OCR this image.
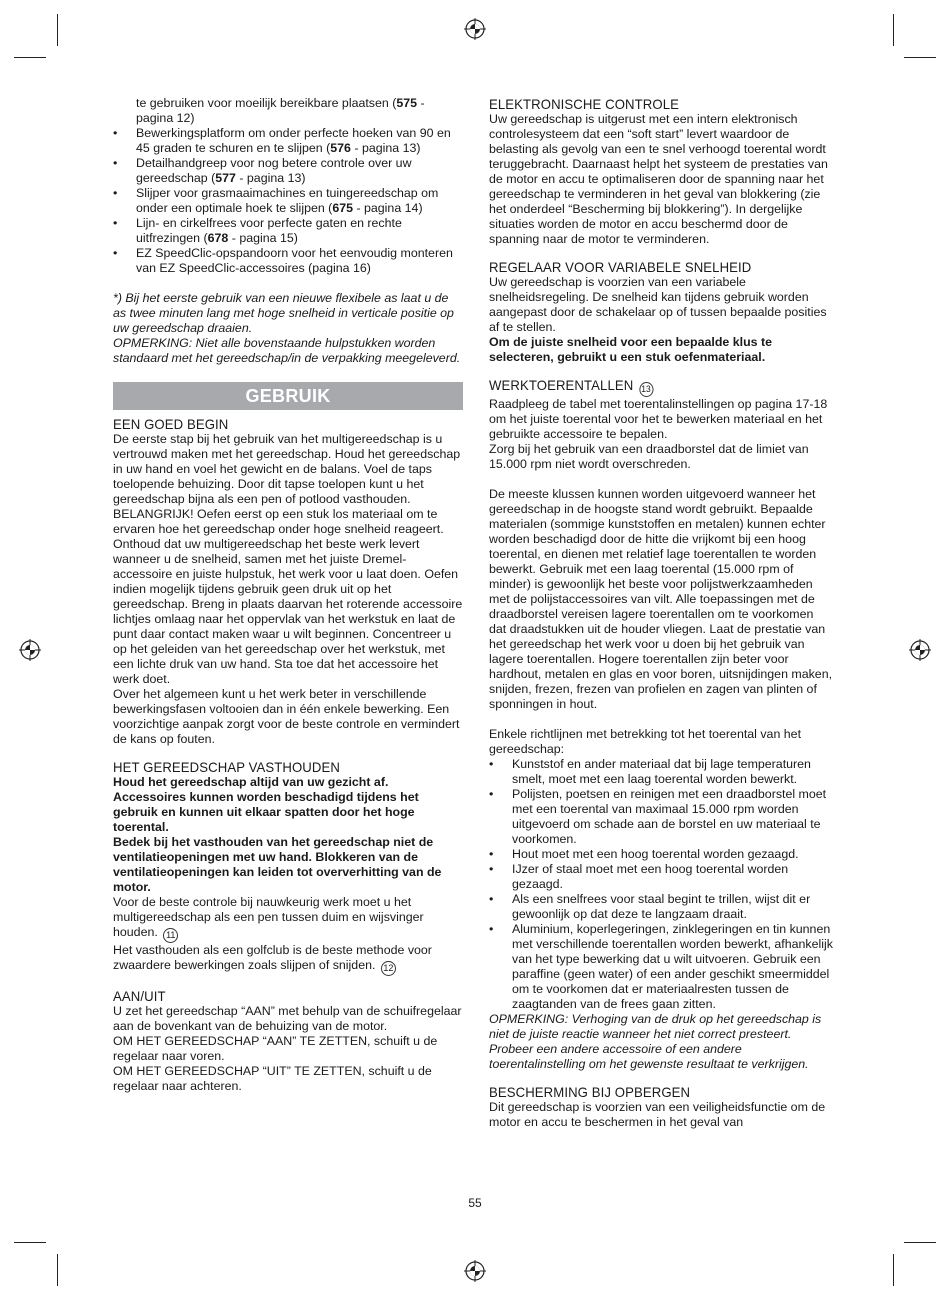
te gebruiken voor moeilijk bereikbare plaatsen (575 - pagina 12)
• Bewerkingsplatform om onder perfecte hoeken van 90 en 45 graden te schuren en te slijpen (576 - pagina 13)
• Detailhandgreep voor nog betere controle over uw gereedschap (577 - pagina 13)
• Slijper voor grasmaaimachines en tuingereedschap om onder een optimale hoek te slijpen (675 - pagina 14)
• Lijn- en cirkelfrees voor perfecte gaten en rechte uitfrezingen (678 - pagina 15)
• EZ SpeedClic-opspandoorn voor het eenvoudig monteren van EZ SpeedClic-accessoires (pagina 16)
*) Bij het eerste gebruik van een nieuwe flexibele as laat u de as twee minuten lang met hoge snelheid in verticale positie op uw gereedschap draaien.
OPMERKING: Niet alle bovenstaande hulpstukken worden standaard met het gereedschap/in de verpakking meegeleverd.
GEBRUIK
EEN GOED BEGIN
De eerste stap bij het gebruik van het multigereedschap is u vertrouwd maken met het gereedschap. Houd het gereedschap in uw hand en voel het gewicht en de balans. Voel de taps toelopende behuizing. Door dit tapse toelopen kunt u het gereedschap bijna als een pen of potlood vasthouden.
BELANGRIJK! Oefen eerst op een stuk los materiaal om te ervaren hoe het gereedschap onder hoge snelheid reageert. Onthoud dat uw multigereedschap het beste werk levert wanneer u de snelheid, samen met het juiste Dremel-accessoire en juiste hulpstuk, het werk voor u laat doen. Oefen indien mogelijk tijdens gebruik geen druk uit op het gereedschap. Breng in plaats daarvan het roterende accessoire lichtjes omlaag naar het oppervlak van het werkstuk en laat de punt daar contact maken waar u wilt beginnen. Concentreer u op het geleiden van het gereedschap over het werkstuk, met een lichte druk van uw hand. Sta toe dat het accessoire het werk doet.
Over het algemeen kunt u het werk beter in verschillende bewerkingsfasen voltooien dan in één enkele bewerking. Een voorzichtige aanpak zorgt voor de beste controle en vermindert de kans op fouten.
HET GEREEDSCHAP VASTHOUDEN
Houd het gereedschap altijd van uw gezicht af. Accessoires kunnen worden beschadigd tijdens het gebruik en kunnen uit elkaar spatten door het hoge toerental.
Bedek bij het vasthouden van het gereedschap niet de ventilatieopeningen met uw hand. Blokkeren van de ventilatieopeningen kan leiden tot oververhitting van de motor.
Voor de beste controle bij nauwkeurig werk moet u het multigereedschap als een pen tussen duim en wijsvinger houden. 11
Het vasthouden als een golfclub is de beste methode voor zwaardere bewerkingen zoals slijpen of snijden. 12
AAN/UIT
U zet het gereedschap “AAN” met behulp van de schuifregelaar aan de bovenkant van de behuizing van de motor.
OM HET GEREEDSCHAP “AAN” TE ZETTEN, schuift u de regelaar naar voren.
OM HET GEREEDSCHAP “UIT” TE ZETTEN, schuift u de regelaar naar achteren.
ELEKTRONISCHE CONTROLE
Uw gereedschap is uitgerust met een intern elektronisch controlesysteem dat een “soft start” levert waardoor de belasting als gevolg van een te snel verhoogd toerental wordt teruggebracht. Daarnaast helpt het systeem de prestaties van de motor en accu te optimaliseren door de spanning naar het gereedschap te verminderen in het geval van blokkering (zie het onderdeel “Bescherming bij blokkering”). In dergelijke situaties worden de motor en accu beschermd door de spanning naar de motor te verminderen.
REGELAAR VOOR VARIABELE SNELHEID
Uw gereedschap is voorzien van een variabele snelheidsregeling. De snelheid kan tijdens gebruik worden aangepast door de schakelaar op of tussen bepaalde posities af te stellen.
Om de juiste snelheid voor een bepaalde klus te selecteren, gebruikt u een stuk oefenmateriaal.
WERKTOERENTALLEN 13
Raadpleeg de tabel met toerentalinstellingen op pagina 17-18 om het juiste toerental voor het te bewerken materiaal en het gebruikte accessoire te bepalen.
Zorg bij het gebruik van een draadborstel dat de limiet van 15.000 rpm niet wordt overschreden.
De meeste klussen kunnen worden uitgevoerd wanneer het gereedschap in de hoogste stand wordt gebruikt. Bepaalde materialen (sommige kunststoffen en metalen) kunnen echter worden beschadigd door de hitte die vrijkomt bij een hoog toerental, en dienen met relatief lage toerentallen te worden bewerkt. Gebruik met een laag toerental (15.000 rpm of minder) is gewoonlijk het beste voor polijstwerkzaamheden met de polijstaccessoires van vilt. Alle toepassingen met de draadborstel vereisen lagere toerentallen om te voorkomen dat draadstukken uit de houder vliegen. Laat de prestatie van het gereedschap het werk voor u doen bij het gebruik van lagere toerentallen. Hogere toerentallen zijn beter voor hardhout, metalen en glas en voor boren, uitsnijdingen maken, snijden, frezen, frezen van profielen en zagen van plinten of sponningen in hout.
Enkele richtlijnen met betrekking tot het toerental van het gereedschap:
• Kunststof en ander materiaal dat bij lage temperaturen smelt, moet met een laag toerental worden bewerkt.
• Polijsten, poetsen en reinigen met een draadborstel moet met een toerental van maximaal 15.000 rpm worden uitgevoerd om schade aan de borstel en uw materiaal te voorkomen.
• Hout moet met een hoog toerental worden gezaagd.
• IJzer of staal moet met een hoog toerental worden gezaagd.
• Als een snelfrees voor staal begint te trillen, wijst dit er gewoonlijk op dat deze te langzaam draait.
• Aluminium, koperlegeringen, zinklegeringen en tin kunnen met verschillende toerentallen worden bewerkt, afhankelijk van het type bewerking dat u wilt uitvoeren. Gebruik een paraffine (geen water) of een ander geschikt smeermiddel om te voorkomen dat er materiaalresten tussen de zaagtanden van de frees gaan zitten.
OPMERKING: Verhoging van de druk op het gereedschap is niet de juiste reactie wanneer het niet correct presteert. Probeer een andere accessoire of een andere toerentalinstelling om het gewenste resultaat te verkrijgen.
BESCHERMING BIJ OPBERGEN
Dit gereedschap is voorzien van een veiligheidsfunctie om de motor en accu te beschermen in het geval van
55
